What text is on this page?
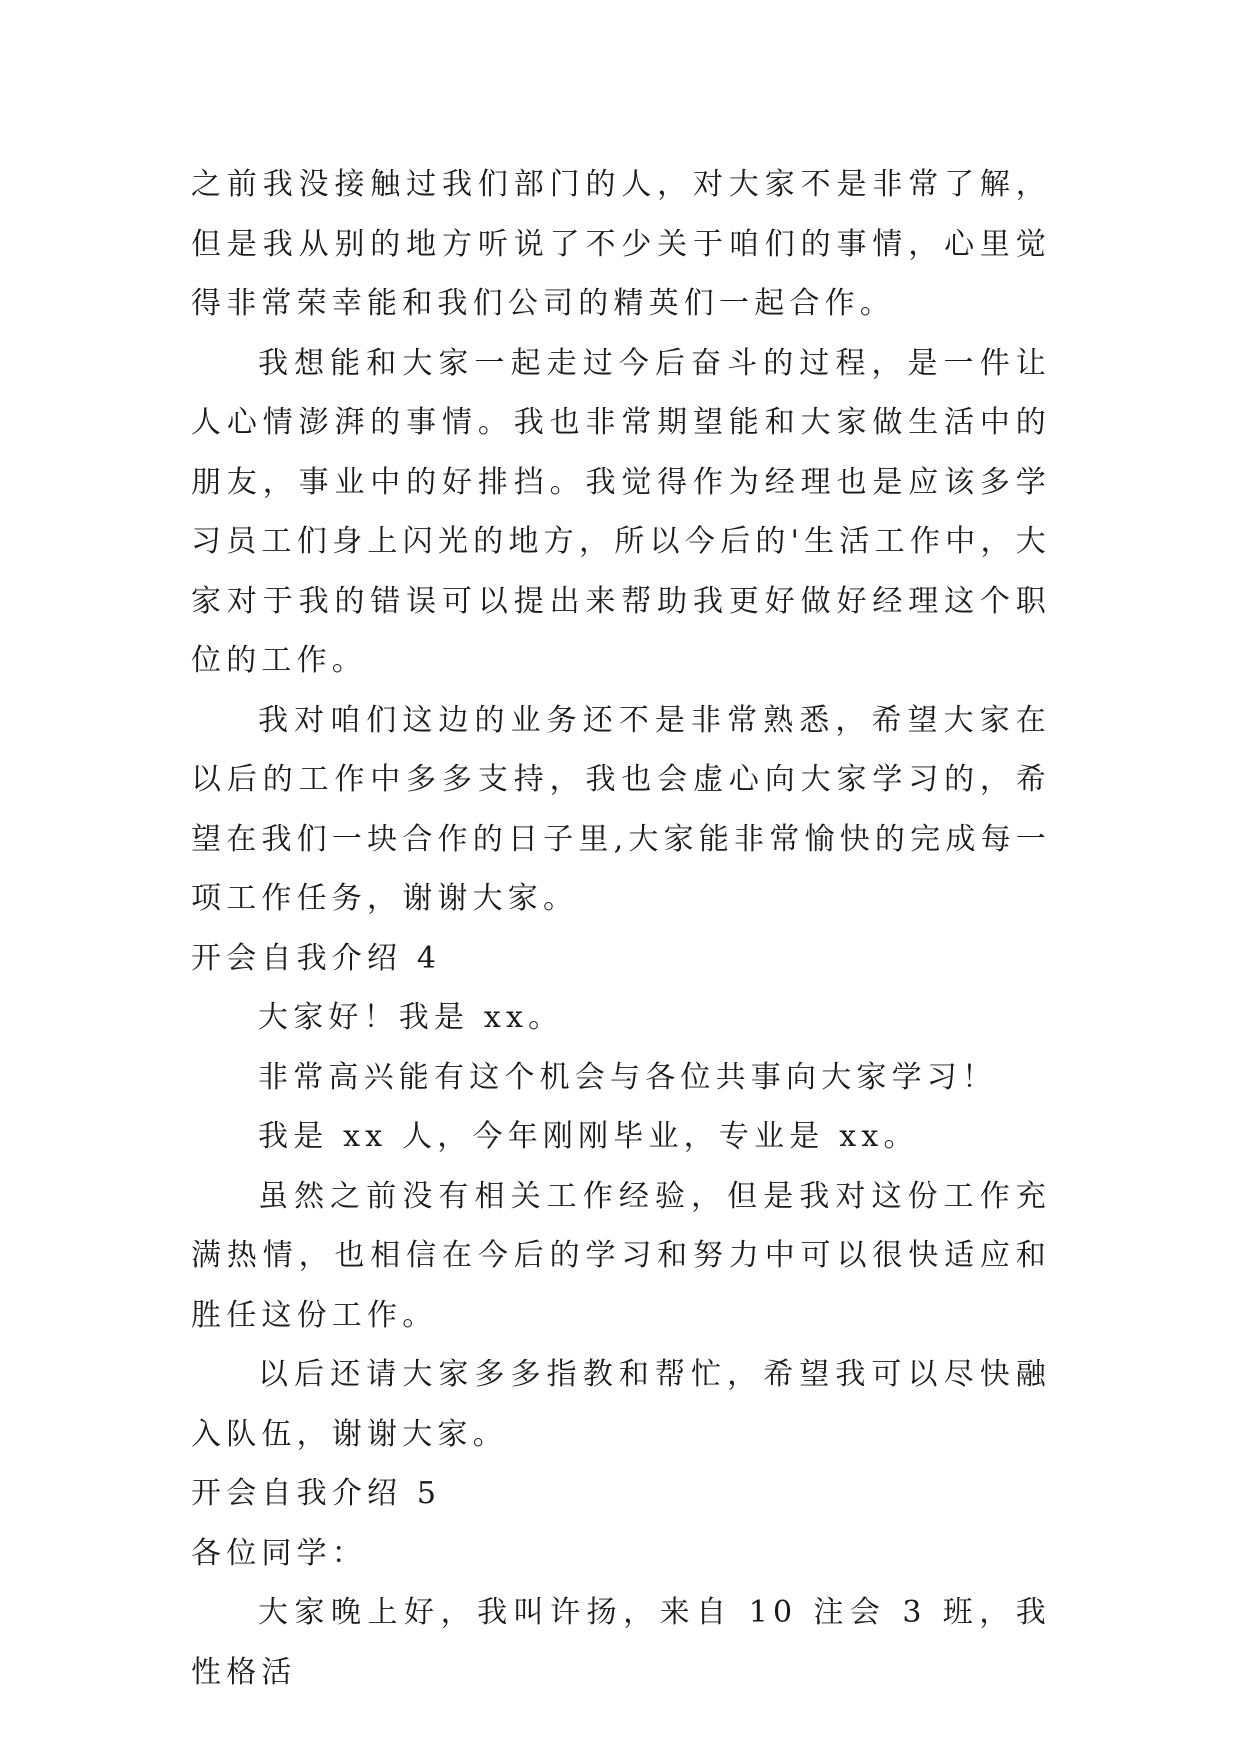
之前我没接触过我们部门的人，对大家不是非常了解，但是我从别的地方听说了不少关于咱们的事情，心里觉得非常荣幸能和我们公司的精英们一起合作。

我想能和大家一起走过今后奋斗的过程，是一件让人心情澎湃的事情。我也非常期望能和大家做生活中的朋友，事业中的好排挡。我觉得作为经理也是应该多学习员工们身上闪光的地方，所以今后的'生活工作中，大家对于我的错误可以提出来帮助我更好做好经理这个职位的工作。

我对咱们这边的业务还不是非常熟悉，希望大家在以后的工作中多多支持，我也会虚心向大家学习的，希望在我们一块合作的日子里,大家能非常愉快的完成每一项工作任务，谢谢大家。

开会自我介绍 4

大家好！我是 xx。

非常高兴能有这个机会与各位共事向大家学习！

我是 xx 人，今年刚刚毕业，专业是 xx。

虽然之前没有相关工作经验，但是我对这份工作充满热情，也相信在今后的学习和努力中可以很快适应和胜任这份工作。

以后还请大家多多指教和帮忙，希望我可以尽快融入队伍，谢谢大家。

开会自我介绍 5

各位同学：

大家晚上好，我叫许扬，来自 10 注会 3 班，我性格活
